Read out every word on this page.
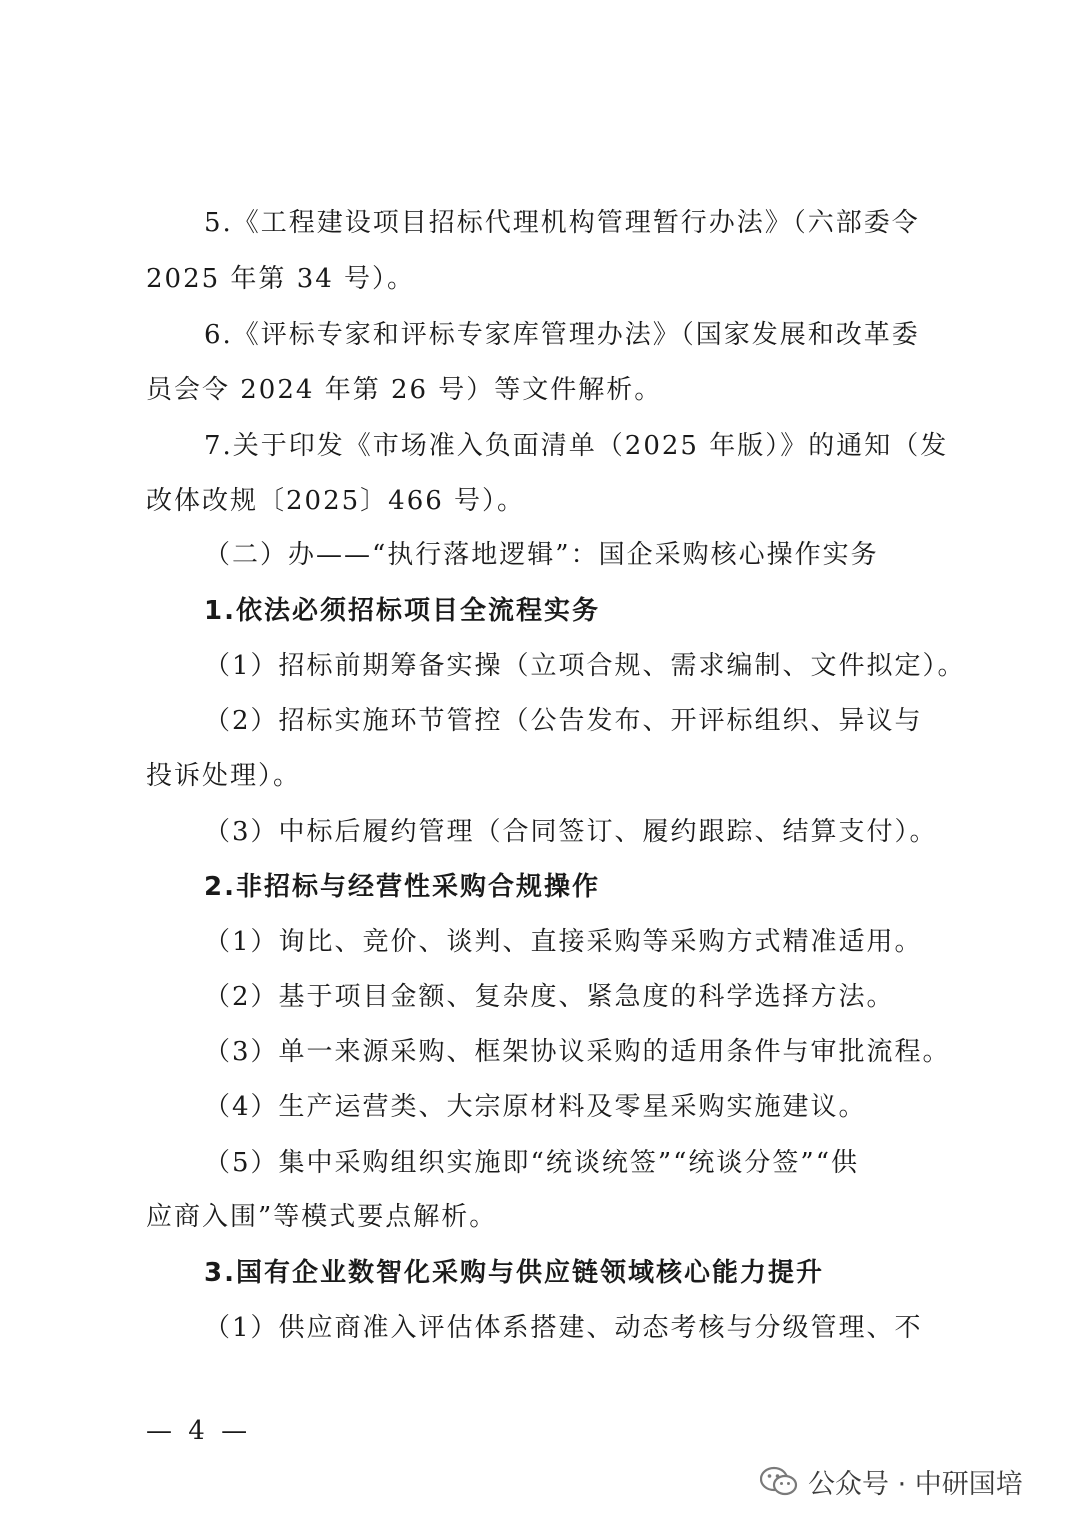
5.《工程建设项目招标代理机构管理暂行办法》（六部委令
2025 年第 34 号）。
6.《评标专家和评标专家库管理办法》（国家发展和改革委
员会令 2024 年第 26 号）等文件解析。
7.关于印发《市场准入负面清单（2025 年版）》的通知（发
改体改规〔2025〕466 号）。
（二）办——“执行落地逻辑”：国企采购核心操作实务
1.依法必须招标项目全流程实务
（1）招标前期筹备实操（立项合规、需求编制、文件拟定）。
（2）招标实施环节管控（公告发布、开评标组织、异议与
投诉处理）。
（3）中标后履约管理（合同签订、履约跟踪、结算支付）。
2.非招标与经营性采购合规操作
（1）询比、竞价、谈判、直接采购等采购方式精准适用。
（2）基于项目金额、复杂度、紧急度的科学选择方法。
（3）单一来源采购、框架协议采购的适用条件与审批流程。
（4）生产运营类、大宗原材料及零星采购实施建议。
（5）集中采购组织实施即“统谈统签”“统谈分签”“供
应商入围”等模式要点解析。
3.国有企业数智化采购与供应链领域核心能力提升
（1）供应商准入评估体系搭建、动态考核与分级管理、不
— 4 —
公众号 · 中研国培
